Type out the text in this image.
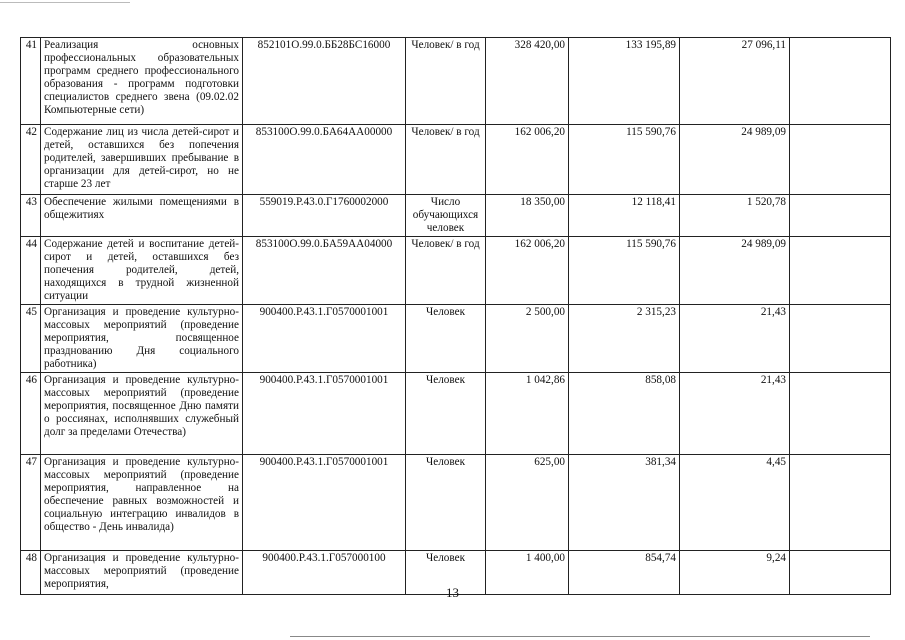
41	Реализация основных профессиональных образовательных программ среднего профессионального образования - программ подготовки специалистов среднего звена (09.02.02 Компьютерные сети)	852101О.99.0.ББ28БС16000	Человек/ в год	328 420,00	133 195,89	27 096,11	
42	Содержание лиц из числа детей-сирот и детей, оставшихся без попечения родителей, завершивших пребывание в организации для детей-сирот, но не старше 23 лет	853100О.99.0.БА64АА00000	Человек/ в год	162 006,20	115 590,76	24 989,09	
43	Обеспечение жилыми помещениями в общежитиях	559019.Р.43.0.Г1760002000	Число обучающихся человек	18 350,00	12 118,41	1 520,78	
44	Содержание детей и воспитание детей-сирот и детей, оставшихся без попечения родителей, детей, находящихся в трудной жизненной ситуации	853100О.99.0.БА59АА04000	Человек/ в год	162 006,20	115 590,76	24 989,09	
45	Организация и проведение культурно-массовых мероприятий (проведение мероприятия, посвященное празднованию Дня социального работника)	900400.Р.43.1.Г0570001001	Человек	2 500,00	2 315,23	21,43	
46	Организация и проведение культурно-массовых мероприятий (проведение мероприятия, посвященное Дню памяти о россиянах, исполнявших служебный долг за пределами Отечества)	900400.Р.43.1.Г0570001001	Человек	1 042,86	858,08	21,43	
47	Организация и проведение культурно-массовых мероприятий (проведение мероприятия, направленное на обеспечение равных возможностей и социальную интеграцию инвалидов в общество - День инвалида)	900400.Р.43.1.Г0570001001	Человек	625,00	381,34	4,45	
48	Организация и проведение культурно-массовых мероприятий (проведение мероприятия,	900400.Р.43.1.Г057000100	Человек	1 400,00	854,74	9,24	
13
